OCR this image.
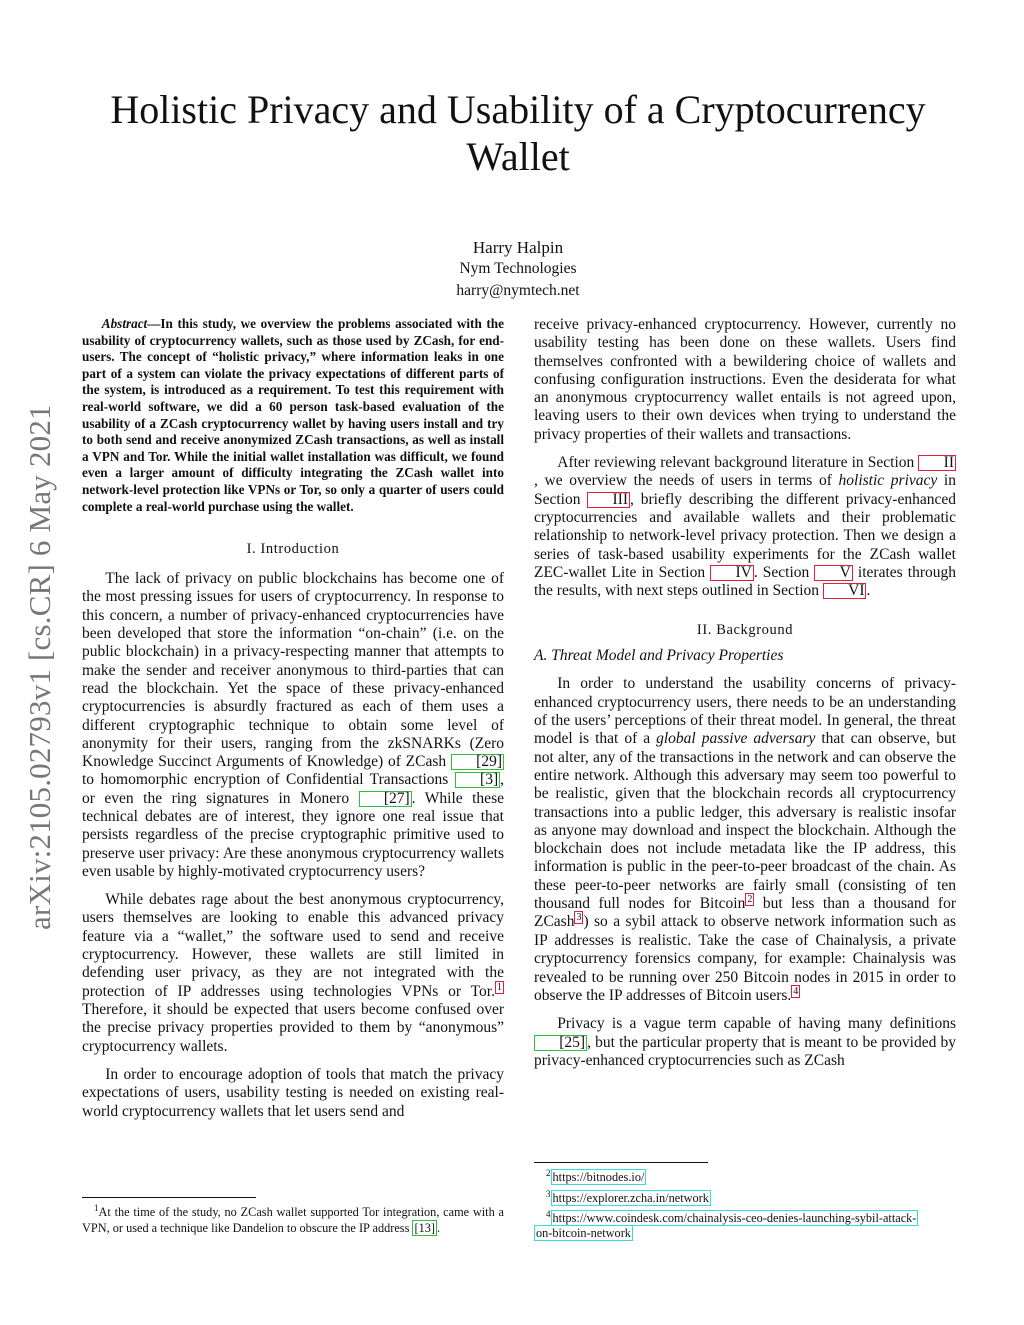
arXiv:2105.02793v1 [cs.CR] 6 May 2021
Holistic Privacy and Usability of a Cryptocurrency Wallet
Harry Halpin
Nym Technologies
harry@nymtech.net

Abstract—In this study, we overview the problems associated with the usability of cryptocurrency wallets, such as those used by ZCash, for end-users. The concept of “holistic privacy,” where information leaks in one part of a system can violate the privacy expectations of different parts of the system, is introduced as a requirement. To test this requirement with real-world software, we did a 60 person task-based evaluation of the usability of a ZCash cryptocurrency wallet by having users install and try to both send and receive anonymized ZCash transactions, as well as install a VPN and Tor. While the initial wallet installation was difficult, we found even a larger amount of difficulty integrating the ZCash wallet into network-level protection like VPNs or Tor, so only a quarter of users could complete a real-world purchase using the wallet.

I. Introduction

The lack of privacy on public blockchains has become one of the most pressing issues for users of cryptocurrency. In response to this concern, a number of privacy-enhanced cryptocurrencies have been developed that store the information “on-chain” (i.e. on the public blockchain) in a privacy-respecting manner that attempts to make the sender and receiver anonymous to third-parties that can read the blockchain. Yet the space of these privacy-enhanced cryptocurrencies is absurdly fractured as each of them uses a different cryptographic technique to obtain some level of anonymity for their users, ranging from the zkSNARKs (Zero Knowledge Succinct Arguments of Knowledge) of ZCash [29] to homomorphic encryption of Confidential Transactions [3] , or even the ring signatures in Monero [27] . While these technical debates are of interest, they ignore one real issue that persists regardless of the precise cryptographic primitive used to preserve user privacy: Are these anonymous cryptocurrency wallets even usable by highly-motivated cryptocurrency users?

While debates rage about the best anonymous cryptocurrency, users themselves are looking to enable this advanced privacy feature via a “wallet,” the software used to send and receive cryptocurrency. However, these wallets are still limited in defending user privacy, as they are not integrated with the protection of IP addresses using technologies VPNs or Tor. $^1$ Therefore, it should be expected that users become confused over the precise privacy properties provided to them by “anonymous” cryptocurrency wallets.

In order to encourage adoption of tools that match the privacy expectations of users, usability testing is needed on existing real-world cryptocurrency wallets that let users send and

$^1$At the time of the study, no ZCash wallet supported Tor integration, came with a VPN, or used a technique like Dandelion to obscure the IP address [13] .

receive privacy-enhanced cryptocurrency. However, currently no usability testing has been done on these wallets. Users find themselves confronted with a bewildering choice of wallets and confusing configuration instructions. Even the desiderata for what an anonymous cryptocurrency wallet entails is not agreed upon, leaving users to their own devices when trying to understand the privacy properties of their wallets and transactions.

After reviewing relevant background literature in Section II, we overview the needs of users in terms of holistic privacy in Section III , briefly describing the different privacy-enhanced cryptocurrencies and available wallets and their problematic relationship to network-level privacy protection. Then we design a series of task-based usability experiments for the ZCash wallet ZEC-wallet Lite in Section IV . Section V iterates through the results, with next steps outlined in Section VI .

II. Background

A. Threat Model and Privacy Properties

In order to understand the usability concerns of privacy-enhanced cryptocurrency users, there needs to be an understanding of the users’ perceptions of their threat model. In general, the threat model is that of a global passive adversary that can observe, but not alter, any of the transactions in the network and can observe the entire network. Although this adversary may seem too powerful to be realistic, given that the blockchain records all cryptocurrency transactions into a public ledger, this adversary is realistic insofar as anyone may download and inspect the blockchain. Although the blockchain does not include metadata like the IP address, this information is public in the peer-to-peer broadcast of the chain. As these peer-to-peer networks are fairly small (consisting of ten thousand full nodes for Bitcoin $^2$ but less than a thousand for ZCash $^3$ ) so a sybil attack to observe network information such as IP addresses is realistic. Take the case of Chainalysis, a private cryptocurrency forensics company, for example: Chainalysis was revealed to be running over 250 Bitcoin nodes in 2015 in order to observe the IP addresses of Bitcoin users. $^4$

Privacy is a vague term capable of having many definitions [25] , but the particular property that is meant to be provided by privacy-enhanced cryptocurrencies such as ZCash

$^2$ https://bitnodes.io/
$^3$ https://explorer.zcha.in/network
$^4$ https://www.coindesk.com/chainalysis-ceo-denies-launching-sybil-attack-
on-bitcoin-network
